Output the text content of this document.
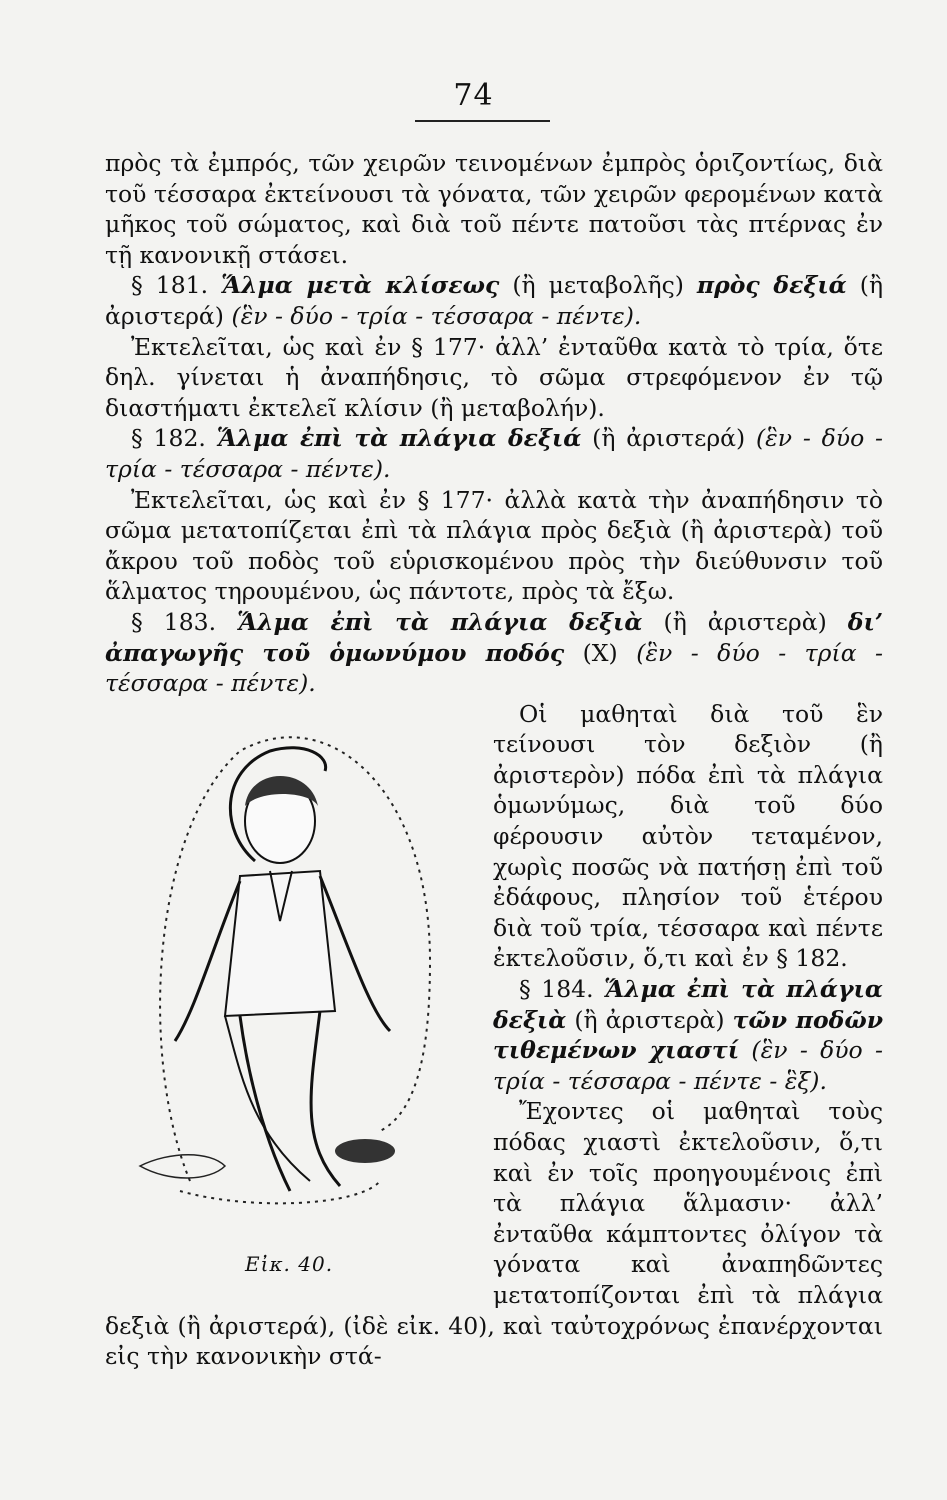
74

πρὸς τὰ ἐμπρός, τῶν χειρῶν τεινομένων ἐμπρὸς ὁριζοντίως, διὰ τοῦ τέσσαρα ἐκτείνουσι τὰ γόνατα, τῶν χειρῶν φερομένων κατὰ μῆκος τοῦ σώματος, καὶ διὰ τοῦ πέντε πατοῦσι τὰς πτέρνας ἐν τῇ κανονικῇ στάσει.

§ 181. Ἅλμα μετὰ κλίσεως (ἢ μεταβολῆς) πρὸς δεξιά (ἢ ἀριστερά) (ἓν - δύο - τρία - τέσσαρα - πέντε).

Ἐκτελεῖται, ὡς καὶ ἐν § 177· ἀλλ’ ἐνταῦθα κατὰ τὸ τρία, ὅτε δηλ. γίνεται ἡ ἀναπήδησις, τὸ σῶμα στρεφόμενον ἐν τῷ διαστήματι ἐκτελεῖ κλίσιν (ἢ μεταβολήν).

§ 182. Ἅλμα ἐπὶ τὰ πλάγια δεξιά (ἢ ἀριστερά) (ἓν - δύο - τρία - τέσσαρα - πέντε).

Ἐκτελεῖται, ὡς καὶ ἐν § 177· ἀλλὰ κατὰ τὴν ἀναπήδησιν τὸ σῶμα μετατοπίζεται ἐπὶ τὰ πλάγια πρὸς δεξιὰ (ἢ ἀριστερὰ) τοῦ ἄκρου τοῦ ποδὸς τοῦ εὑρισκομένου πρὸς τὴν διεύθυνσιν τοῦ ἅλματος τηρουμένου, ὡς πάντοτε, πρὸς τὰ ἔξω.

§ 183. Ἅλμα ἐπὶ τὰ πλάγια δεξιὰ (ἢ ἀριστερὰ) δι’ ἀπαγωγῆς τοῦ ὁμωνύμου ποδός (X) (ἓν - δύο - τρία - τέσσαρα - πέντε).

Εἰκ. 40.

Οἱ μαθηταὶ διὰ τοῦ ἓν τείνουσι τὸν δεξιὸν (ἢ ἀριστερὸν) πόδα ἐπὶ τὰ πλάγια ὁμωνύμως, διὰ τοῦ δύο φέρουσιν αὐτὸν τεταμένον, χωρὶς ποσῶς νὰ πατήσῃ ἐπὶ τοῦ ἐδάφους, πλησίον τοῦ ἑτέρου διὰ τοῦ τρία, τέσσαρα καὶ πέντε ἐκτελοῦσιν, ὅ,τι καὶ ἐν § 182.

§ 184. Ἅλμα ἐπὶ τὰ πλάγια δεξιὰ (ἢ ἀριστερὰ) τῶν ποδῶν τιθεμένων χιαστί (ἓν - δύο - τρία - τέσσαρα - πέντε - ἓξ).

Ἔχοντες οἱ μαθηταὶ τοὺς πόδας χιαστὶ ἐκτελοῦσιν, ὅ,τι καὶ ἐν τοῖς προηγουμένοις ἐπὶ τὰ πλάγια ἅλμασιν· ἀλλ’ ἐνταῦθα κάμπτοντες ὀλίγον τὰ γόνατα καὶ ἀναπηδῶντες μετατοπίζονται ἐπὶ τὰ πλάγια δεξιὰ (ἢ ἀριστερά), (ἰδὲ εἰκ. 40), καὶ ταὐτοχρόνως ἐπανέρχονται εἰς τὴν κανονικὴν στά-
